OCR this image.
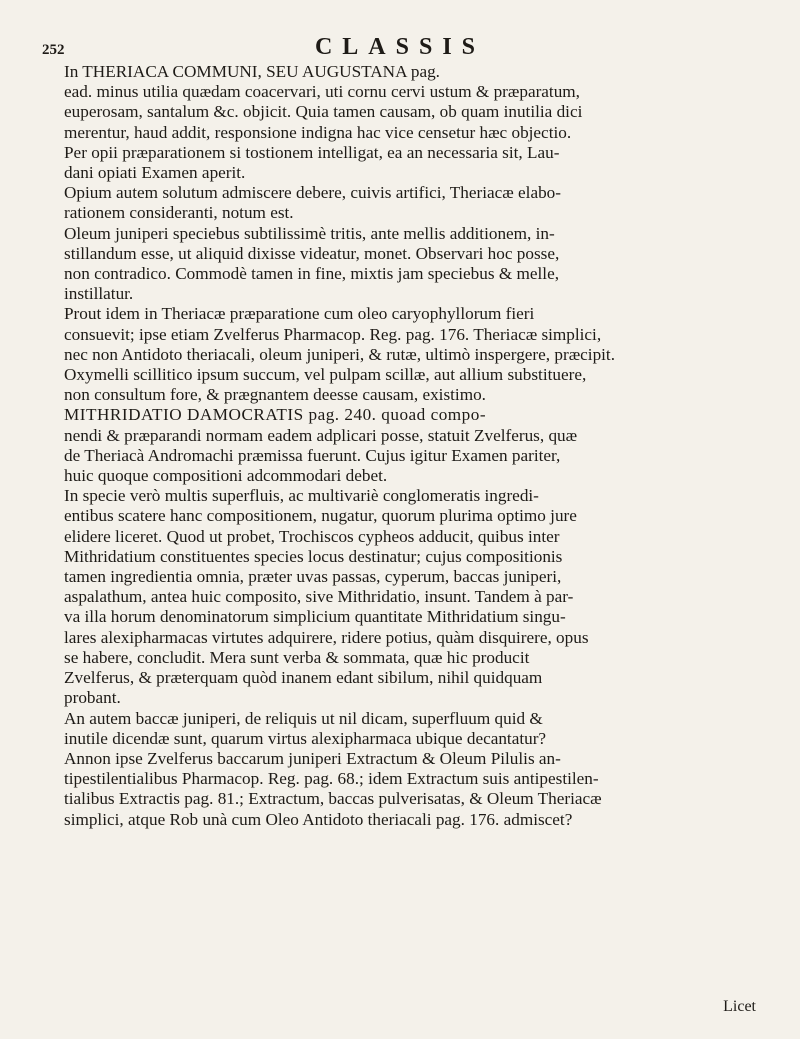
252	CLASSIS

In THERIACA COMMUNI, SEU AUGUSTANA pag.
ead. minus utilia quædam coacervari, uti cornu cervi ustum & præparatum,
euperosam, santalum &c. objicit. Quia tamen causam, ob quam inutilia dici
merentur, haud addit, responsione indigna hac vice censetur hæc objectio.
Per opii præparationem si tostionem intelligat, ea an necessaria sit, Lau-
dani opiati Examen aperit.

Opium autem solutum admiscere debere, cuivis artifici, Theriacæ elabo-
rationem consideranti, notum est.

Oleum juniperi speciebus subtilissimè tritis, ante mellis additionem, in-
stillandum esse, ut aliquid dixisse videatur, monet. Observari hoc posse,
non contradico. Commodè tamen in fine, mixtis jam speciebus & melle,
instillatur.

Prout idem in Theriacæ præparatione cum oleo caryophyllorum fieri
consuevit; ipse etiam Zvelferus Pharmacop. Reg. pag. 176. Theriacæ simplici,
nec non Antidoto theriacali, oleum juniperi, & rutæ, ultimò inspergere, præcipit.
Oxymelli scillitico ipsum succum, vel pulpam scillæ, aut allium substituere,
non consultum fore, & prægnantem deesse causam, existimo.

MITHRIDATIO DAMOCRATIS pag. 240. quoad compo-
nendi & præparandi normam eadem adplicari posse, statuit Zvelferus, quæ
de Theriacà Andromachi præmissa fuerunt. Cujus igitur Examen pariter,
huic quoque compositioni adcommodari debet.

In specie verò multis superfluis, ac multivariè conglomeratis ingredi-
entibus scatere hanc compositionem, nugatur, quorum plurima optimo jure
elidere liceret. Quod ut probet, Trochiscos cypheos adducit, quibus inter
Mithridatium constituentes species locus destinatur; cujus compositionis
tamen ingredientia omnia, præter uvas passas, cyperum, baccas juniperi,
aspalathum, antea huic composito, sive Mithridatio, insunt. Tandem à par-
va illa horum denominatorum simplicium quantitate Mithridatium singu-
lares alexipharmacas virtutes adquirere, ridere potius, quàm disquirere, opus
se habere, concludit. Mera sunt verba & sommata, quæ hic producit
Zvelferus, & præterquam quòd inanem edant sibilum, nihil quidquam
probant.

An autem baccæ juniperi, de reliquis ut nil dicam, superfluum quid &
inutile dicendæ sunt, quarum virtus alexipharmaca ubique decantatur?
Annon ipse Zvelferus baccarum juniperi Extractum & Oleum Pilulis an-
tipestilentialibus Pharmacop. Reg. pag. 68.; idem Extractum suis antipestilen-
tialibus Extractis pag. 81.; Extractum, baccas pulverisatas, & Oleum Theriacæ
simplici, atque Rob unà cum Oleo Antidoto theriacali pag. 176. admiscet?

Licet
